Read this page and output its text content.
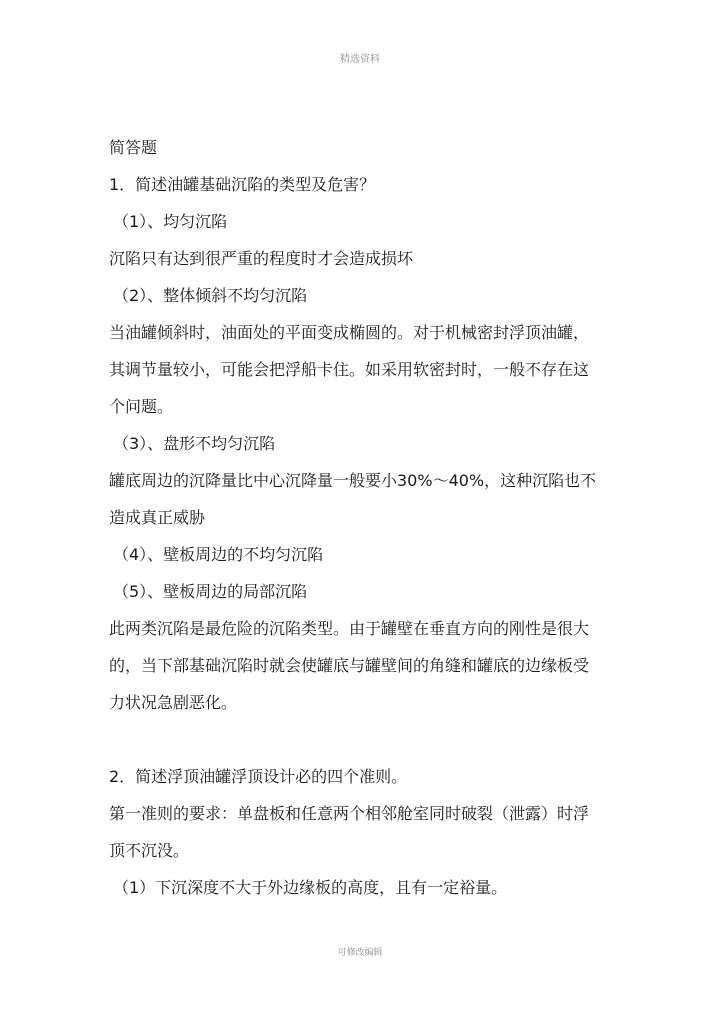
精选资料
简答题
1．简述油罐基础沉陷的类型及危害？
（1）、均匀沉陷
沉陷只有达到很严重的程度时才会造成损坏
（2）、整体倾斜不均匀沉陷
当油罐倾斜时，油面处的平面变成椭圆的。对于机械密封浮顶油罐，
其调节量较小，可能会把浮船卡住。如采用软密封时，一般不存在这
个问题。
（3）、盘形不均匀沉陷
罐底周边的沉降量比中心沉降量一般要小30%～40%，这种沉陷也不
造成真正威胁
（4）、壁板周边的不均匀沉陷
（5）、壁板周边的局部沉陷
此两类沉陷是最危险的沉陷类型。由于罐壁在垂直方向的刚性是很大
的，当下部基础沉陷时就会使罐底与罐壁间的角缝和罐底的边缘板受
力状况急剧恶化。
2．简述浮顶油罐浮顶设计必的四个准则。
第一准则的要求：单盘板和任意两个相邻舱室同时破裂（泄露）时浮
顶不沉没。
（1）下沉深度不大于外边缘板的高度，且有一定裕量。
可修改编辑
